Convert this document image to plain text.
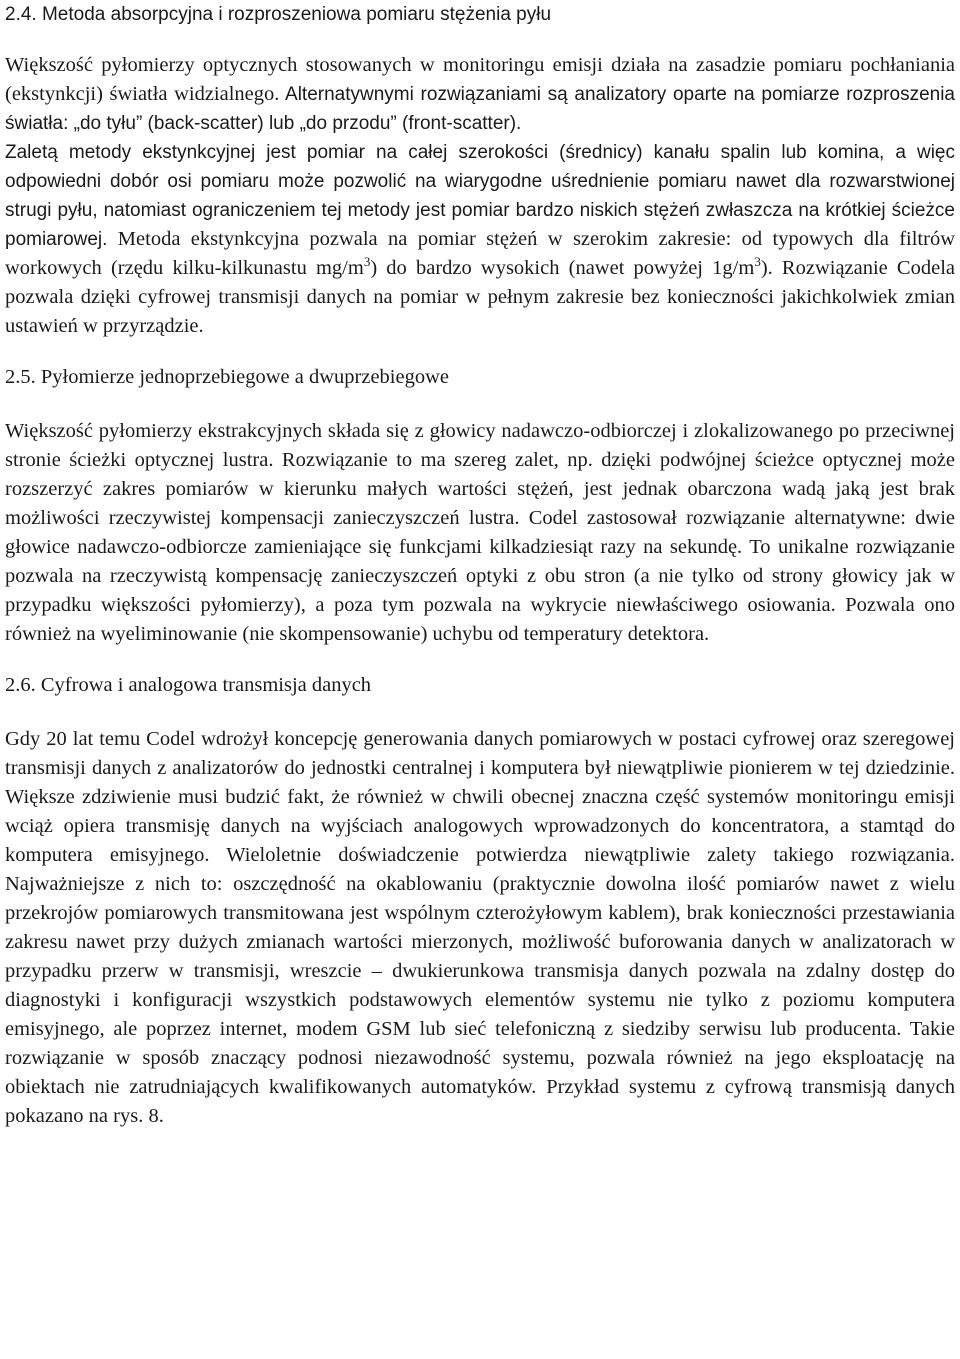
2.4. Metoda absorpcyjna i rozproszeniowa pomiaru stężenia pyłu

Większość pyłomierzy optycznych stosowanych w monitoringu emisji działa na zasadzie pomiaru pochłaniania (ekstynkcji) światła widzialnego. Alternatywnymi rozwiązaniami są analizatory oparte na pomiarze rozproszenia światła: „do tyłu” (back-scatter) lub „do przodu” (front-scatter).

Zaletą metody ekstynkcyjnej jest pomiar na całej szerokości (średnicy) kanału spalin lub komina, a więc odpowiedni dobór osi pomiaru może pozwolić na wiarygodne uśrednienie pomiaru nawet dla rozwarstwionej strugi pyłu, natomiast ograniczeniem tej metody jest pomiar bardzo niskich stężeń zwłaszcza na krótkiej ścieżce pomiarowej. Metoda ekstynkcyjna pozwala na pomiar stężeń w szerokim zakresie: od typowych dla filtrów workowych (rzędu kilku-kilkunastu $mg/m^3$) do bardzo wysokich (nawet powyżej $1g/m^3$). Rozwiązanie Codela pozwala dzięki cyfrowej transmisji danych na pomiar w pełnym zakresie bez konieczności jakichkolwiek zmian ustawień w przyrządzie.

2.5. Pyłomierze jednoprzebiegowe a dwuprzebiegowe

Większość pyłomierzy ekstrakcyjnych składa się z głowicy nadawczo-odbiorczej i zlokalizowanego po przeciwnej stronie ścieżki optycznej lustra. Rozwiązanie to ma szereg zalet, np. dzięki podwójnej ścieżce optycznej może rozszerzyć zakres pomiarów w kierunku małych wartości stężeń, jest jednak obarczona wadą jaką jest brak możliwości rzeczywistej kompensacji zanieczyszczeń lustra. Codel zastosował rozwiązanie alternatywne: dwie głowice nadawczo-odbiorcze zamieniające się funkcjami kilkadziesiąt razy na sekundę. To unikalne rozwiązanie pozwala na rzeczywistą kompensację zanieczyszczeń optyki z obu stron (a nie tylko od strony głowicy jak w przypadku większości pyłomierzy), a poza tym pozwala na wykrycie niewłaściwego osiowania. Pozwala ono również na wyeliminowanie (nie skompensowanie) uchybu od temperatury detektora.

2.6. Cyfrowa i analogowa transmisja danych

Gdy 20 lat temu Codel wdrożył koncepcję generowania danych pomiarowych w postaci cyfrowej oraz szeregowej transmisji danych z analizatorów do jednostki centralnej i komputera był niewątpliwie pionierem w tej dziedzinie. Większe zdziwienie musi budzić fakt, że również w chwili obecnej znaczna część systemów monitoringu emisji wciąż opiera transmisję danych na wyjściach analogowych wprowadzonych do koncentratora, a stamtąd do komputera emisyjnego. Wieloletnie doświadczenie potwierdza niewątpliwie zalety takiego rozwiązania. Najważniejsze z nich to: oszczędność na okablowaniu (praktycznie dowolna ilość pomiarów nawet z wielu przekrojów pomiarowych transmitowana jest wspólnym czterożyłowym kablem), brak konieczności przestawiania zakresu nawet przy dużych zmianach wartości mierzonych, możliwość buforowania danych w analizatorach w przypadku przerw w transmisji, wreszcie – dwukierunkowa transmisja danych pozwala na zdalny dostęp do diagnostyki i konfiguracji wszystkich podstawowych elementów systemu nie tylko z poziomu komputera emisyjnego, ale poprzez internet, modem GSM lub sieć telefoniczną z siedziby serwisu lub producenta. Takie rozwiązanie w sposób znaczący podnosi niezawodność systemu, pozwala również na jego eksploatację na obiektach nie zatrudniających kwalifikowanych automatyków. Przykład systemu z cyfrową transmisją danych pokazano na rys. 8.
